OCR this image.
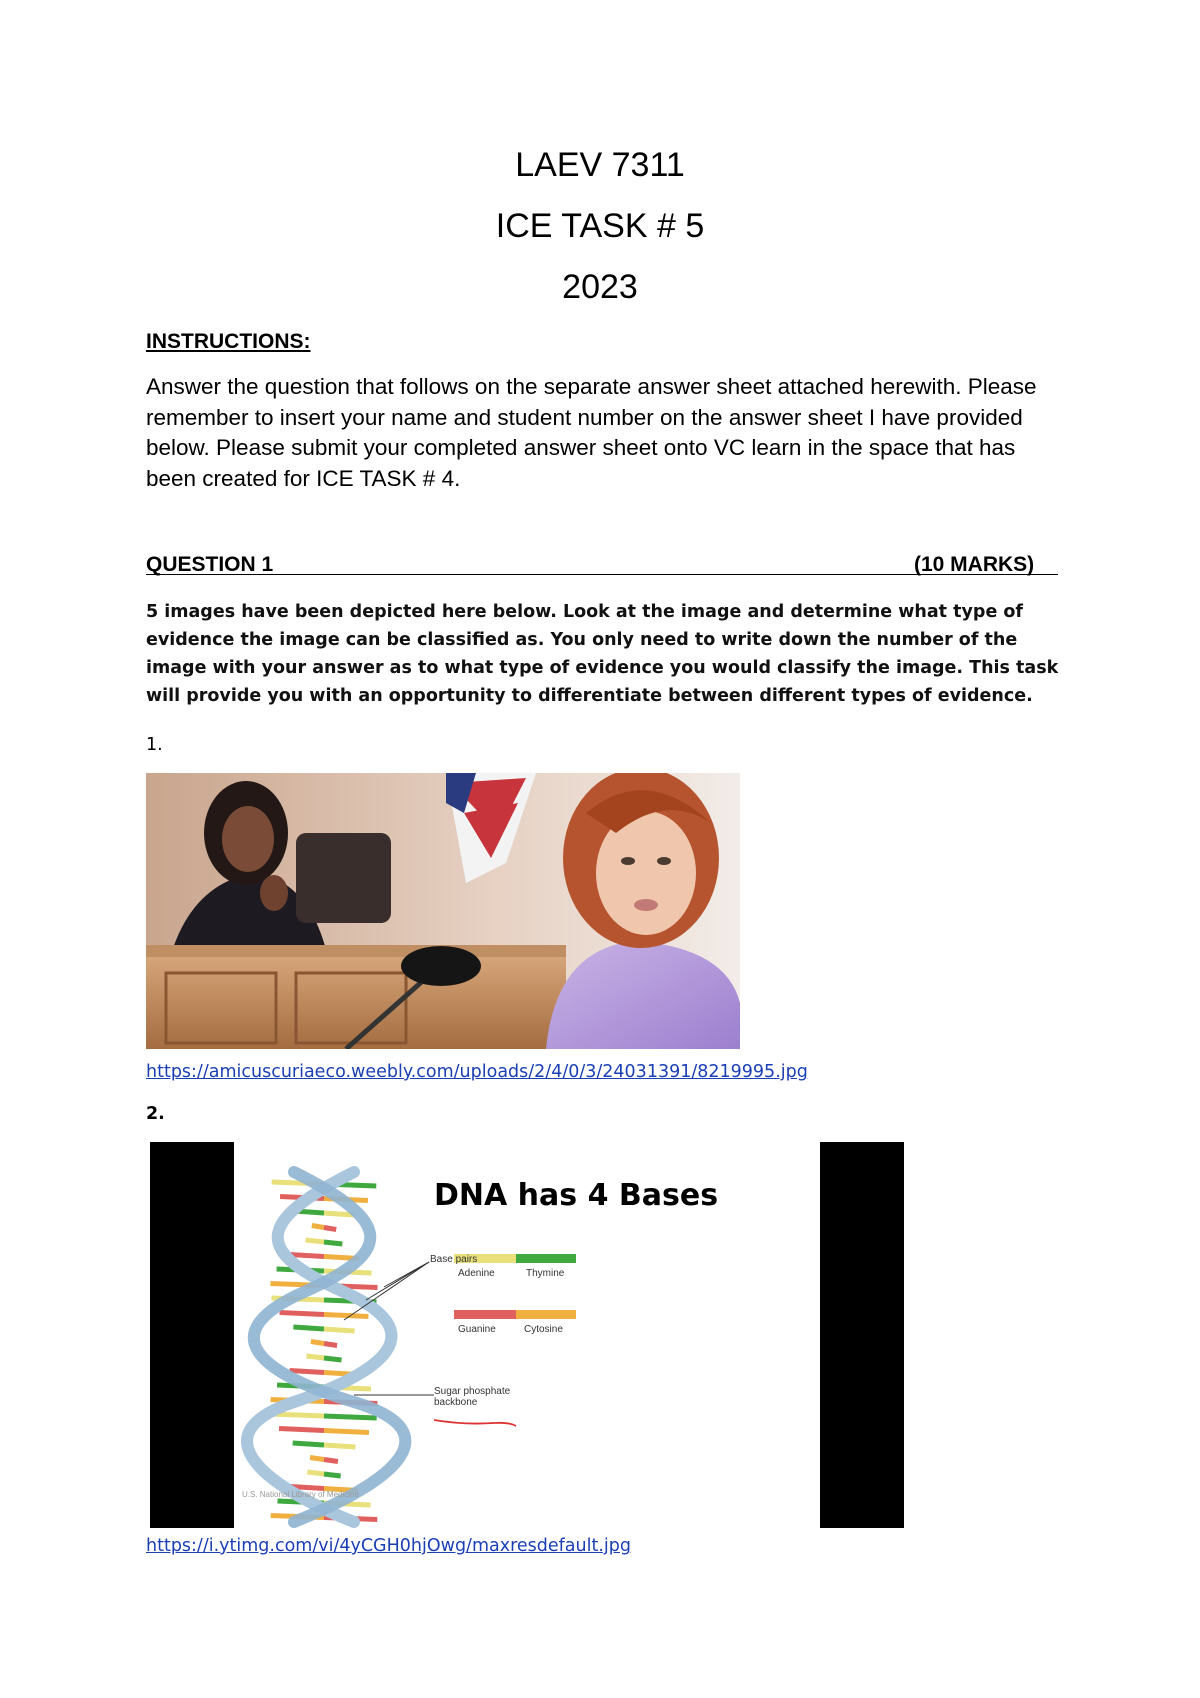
LAEV 7311
ICE TASK # 5
2023
INSTRUCTIONS:
Answer the question that follows on the separate answer sheet attached herewith. Please remember to insert your name and student number on the answer sheet I have provided below. Please submit your completed answer sheet onto VC learn in the space that has been created for ICE TASK # 4.
QUESTION 1	(10 MARKS)
5 images have been depicted here below. Look at the image and determine what type of evidence the image can be classified as. You only need to write down the number of the image with your answer as to what type of evidence you would classify the image. This task will provide you with an opportunity to differentiate between different types of evidence.
1.
https://amicuscuriaeco.weebly.com/uploads/2/4/0/3/24031391/8219995.jpg
2.
DNA has 4 Bases
Base pairs
Adenine	Thymine
Guanine	Cytosine
Sugar phosphate
backbone
U.S. National Library of Medicine
https://i.ytimg.com/vi/4yCGH0hjOwg/maxresdefault.jpg
